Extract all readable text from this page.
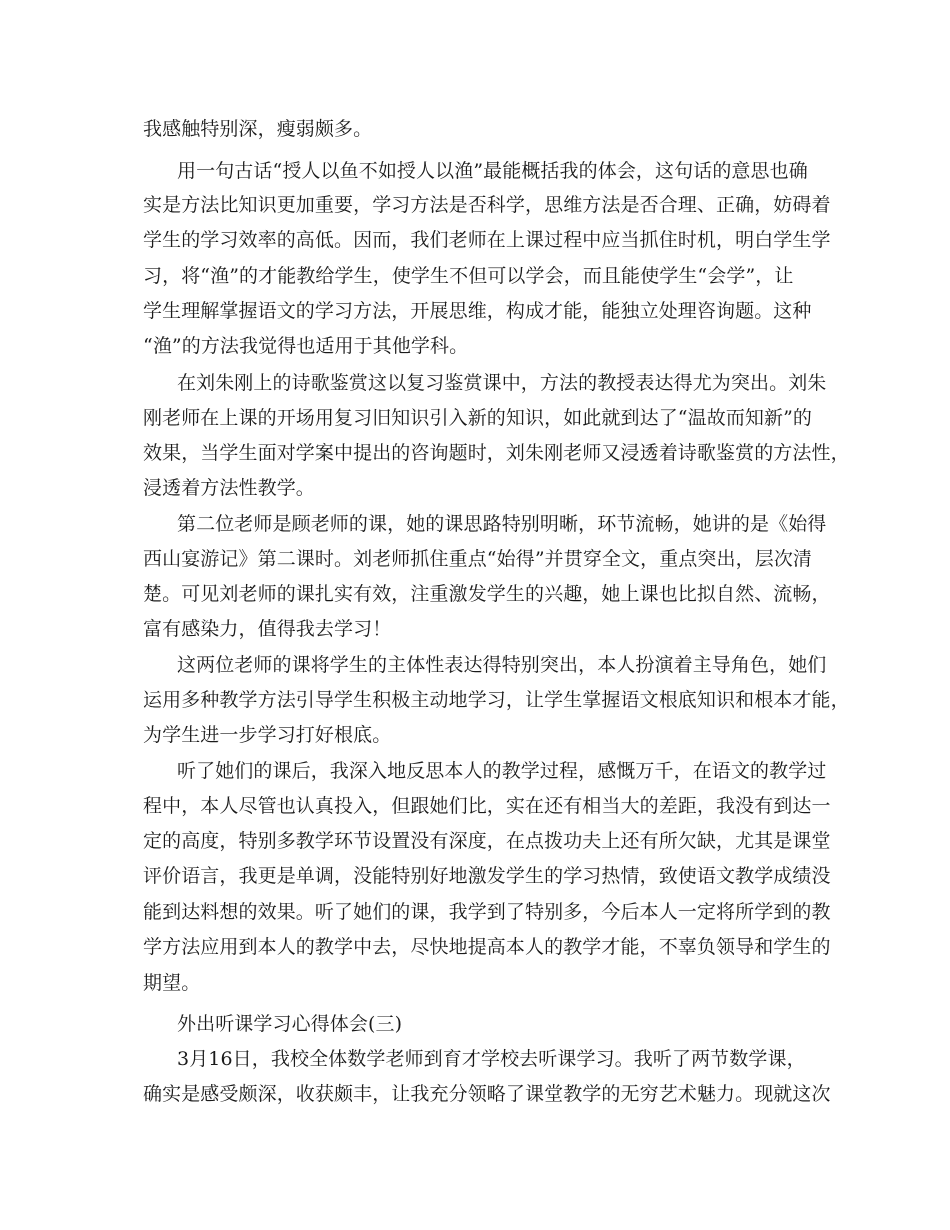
我感触特别深，瘦弱颇多。
用一句古话“授人以鱼不如授人以渔”最能概括我的体会，这句话的意思也确
实是方法比知识更加重要，学习方法是否科学，思维方法是否合理、正确，妨碍着
学生的学习效率的高低。因而，我们老师在上课过程中应当抓住时机，明白学生学
习，将“渔”的才能教给学生，使学生不但可以学会，而且能使学生“会学”，让
学生理解掌握语文的学习方法，开展思维，构成才能，能独立处理咨询题。这种
“渔”的方法我觉得也适用于其他学科。
在刘朱刚上的诗歌鉴赏这以复习鉴赏课中，方法的教授表达得尤为突出。刘朱
刚老师在上课的开场用复习旧知识引入新的知识，如此就到达了“温故而知新”的
效果，当学生面对学案中提出的咨询题时，刘朱刚老师又浸透着诗歌鉴赏的方法性，
浸透着方法性教学。
第二位老师是顾老师的课，她的课思路特别明晰，环节流畅，她讲的是《始得
西山宴游记》第二课时。刘老师抓住重点“始得”并贯穿全文，重点突出，层次清
楚。可见刘老师的课扎实有效，注重激发学生的兴趣，她上课也比拟自然、流畅，
富有感染力，值得我去学习！
这两位老师的课将学生的主体性表达得特别突出，本人扮演着主导角色，她们
运用多种教学方法引导学生积极主动地学习，让学生掌握语文根底知识和根本才能，
为学生进一步学习打好根底。
听了她们的课后，我深入地反思本人的教学过程，感慨万千，在语文的教学过
程中，本人尽管也认真投入，但跟她们比，实在还有相当大的差距，我没有到达一
定的高度，特别多教学环节设置没有深度，在点拨功夫上还有所欠缺，尤其是课堂
评价语言，我更是单调，没能特别好地激发学生的学习热情，致使语文教学成绩没
能到达料想的效果。听了她们的课，我学到了特别多，今后本人一定将所学到的教
学方法应用到本人的教学中去，尽快地提高本人的教学才能，不辜负领导和学生的
期望。
外出听课学习心得体会(三)
3月16日，我校全体数学老师到育才学校去听课学习。我听了两节数学课，
确实是感受颇深，收获颇丰，让我充分领略了课堂教学的无穷艺术魅力。现就这次
